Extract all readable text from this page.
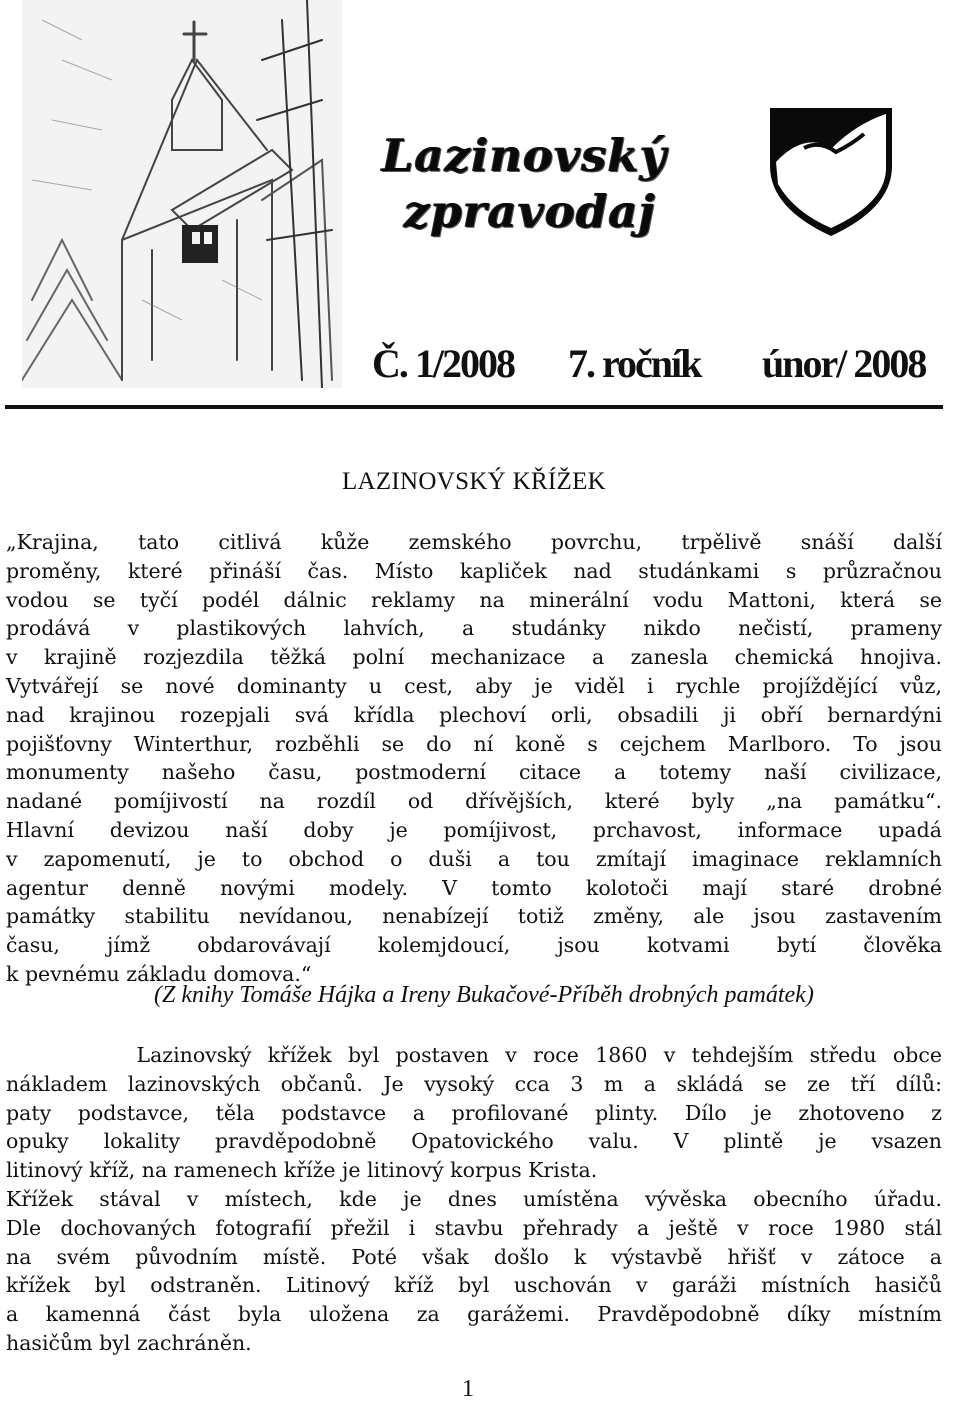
Lazinovský
zpravodaj
Č. 1/2008 7. ročník únor/ 2008
LAZINOVSKÝ KŘÍŽEK
„Krajina, tato citlivá kůže zemského povrchu, trpělivě snáší další
proměny, které přináší čas. Místo kapliček nad studánkami s průzračnou
vodou se tyčí podél dálnic reklamy na minerální vodu Mattoni, která se
prodává v plastikových lahvích, a studánky nikdo nečistí, prameny
v krajině rozjezdila těžká polní mechanizace a zanesla chemická hnojiva.
Vytvářejí se nové dominanty u cest, aby je viděl i rychle projíždějící vůz,
nad krajinou rozepjali svá křídla plechoví orli, obsadili ji obří bernardýni
pojišťovny Winterthur, rozběhli se do ní koně s cejchem Marlboro. To jsou
monumenty našeho času, postmoderní citace a totemy naší civilizace,
nadané pomíjivostí na rozdíl od dřívějších, které byly „na památku“.
Hlavní devizou naší doby je pomíjivost, prchavost, informace upadá
v zapomenutí, je to obchod o duši a tou zmítají imaginace reklamních
agentur denně novými modely. V tomto kolotoči mají staré drobné
památky stabilitu nevídanou, nenabízejí totiž změny, ale jsou zastavením
času, jímž obdarovávají kolemjdoucí, jsou kotvami bytí člověka
k pevnému základu domova.“
(Z knihy Tomáše Hájka a Ireny Bukačové-Příběh drobných památek)
Lazinovský křížek byl postaven v roce 1860 v tehdejším středu obce
nákladem lazinovských občanů. Je vysoký cca 3 m a skládá se ze tří dílů:
paty podstavce, těla podstavce a profilované plinty. Dílo je zhotoveno z
opuky lokality pravděpodobně Opatovického valu. V plintě je vsazen
litinový kříž, na ramenech kříže je litinový korpus Krista.
Křížek stával v místech, kde je dnes umístěna vývěska obecního úřadu.
Dle dochovaných fotografií přežil i stavbu přehrady a ještě v roce 1980 stál
na svém původním místě. Poté však došlo k výstavbě hřišť v zátoce a
křížek byl odstraněn. Litinový kříž byl uschován v garáži místních hasičů
a kamenná část byla uložena za garážemi. Pravděpodobně díky místním
hasičům byl zachráněn.
1
